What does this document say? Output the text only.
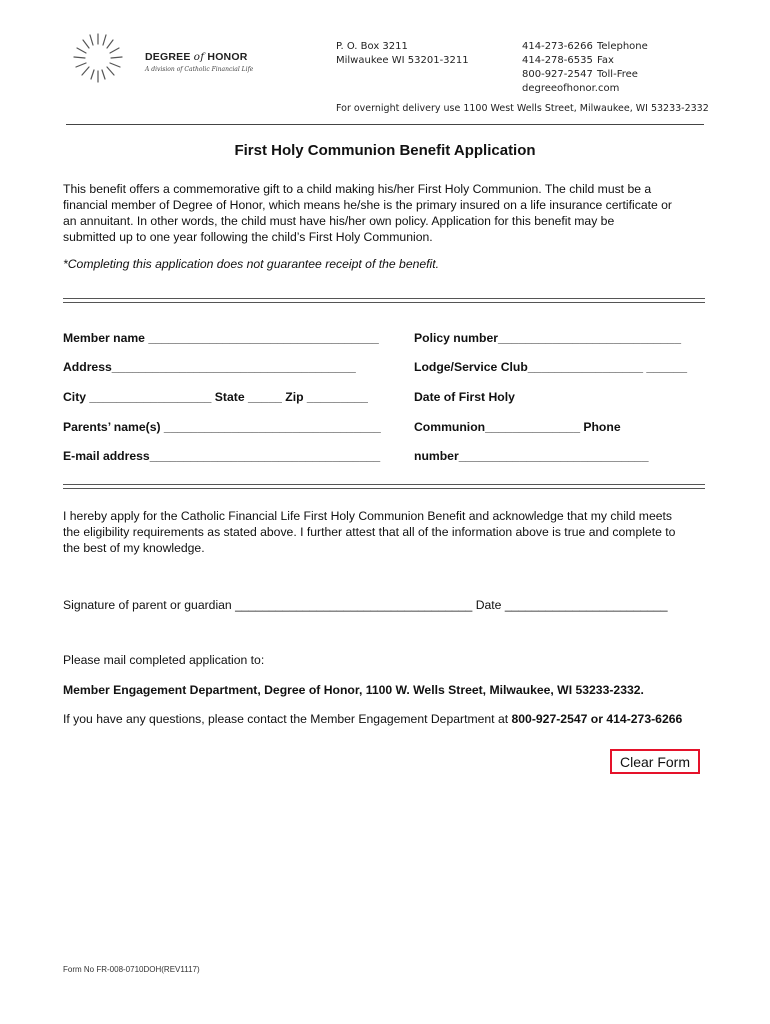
DEGREE of HONOR
A division of Catholic Financial Life
P. O. Box 3211
Milwaukee WI 53201-3211
414-273-6266 Telephone
414-278-6535 Fax
800-927-2547 Toll-Free
degreeofhonor.com
For overnight delivery use 1100 West Wells Street, Milwaukee, WI 53233-2332
First Holy Communion Benefit Application
This benefit offers a commemorative gift to a child making his/her First Holy Communion. The child must be a
financial member of Degree of Honor, which means he/she is the primary insured on a life insurance certificate or
an annuitant. In other words, the child must have his/her own policy. Application for this benefit may be
submitted up to one year following the child’s First Holy Communion.
*Completing this application does not guarantee receipt of the benefit.
Member name __________________________________	Policy number___________________________
Address____________________________________	Lodge/Service Club_________________ ______
City __________________ State _____ Zip _________	Date of First Holy
Parents’ name(s) ________________________________	Communion______________ Phone
E-mail address__________________________________	number____________________________
I hereby apply for the Catholic Financial Life First Holy Communion Benefit and acknowledge that my child meets
the eligibility requirements as stated above. I further attest that all of the information above is true and complete to
the best of my knowledge.
Signature of parent or guardian ___________________________________ Date ________________________
Please mail completed application to:
Member Engagement Department, Degree of Honor, 1100 W. Wells Street, Milwaukee, WI 53233-2332.
If you have any questions, please contact the Member Engagement Department at 800-927-2547 or 414-273-6266
Clear Form
Form No FR-008-0710DOH(REV1117)
